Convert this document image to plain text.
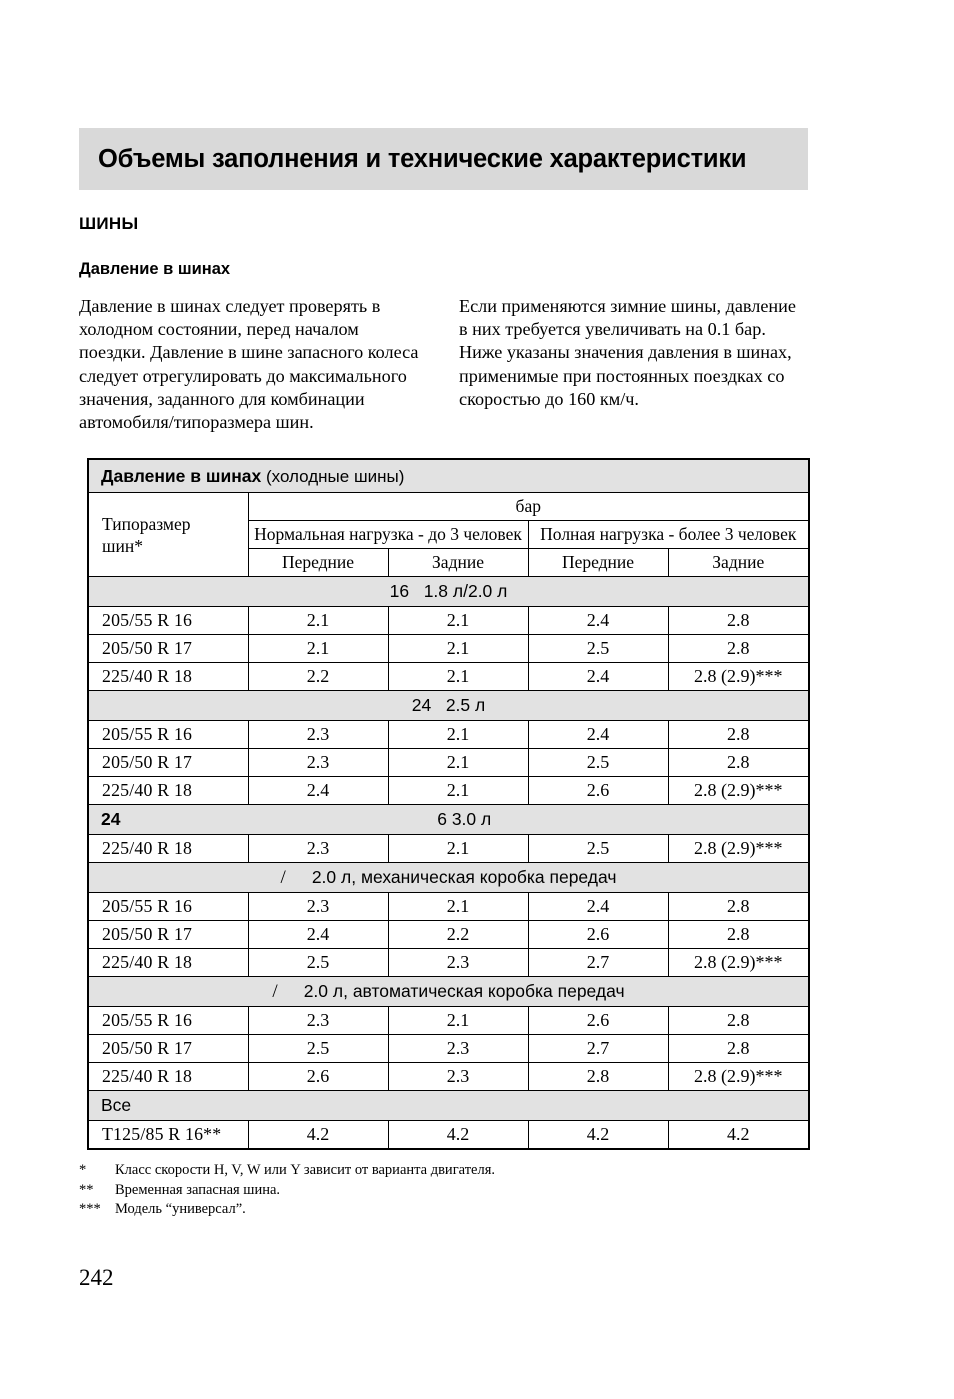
Объемы заполнения и технические характеристики
ШИНЫ
Давление в шинах
Давление в шинах следует проверять в холодном состоянии, перед началом поездки. Давление в шине запасного колеса следует отрегулировать до максимального значения, заданного для комбинации автомобиля/типоразмера шин.
Если применяются зимние шины, давление в них требуется увеличивать на 0.1 бар. Ниже указаны значения давления в шинах, применимые при постоянных поездках со скоростью до 160 км/ч.
Давление в шинах (холодные шины)				
Типоразмер
шин*	бар			
	Нормальная нагрузка - до 3 человек		Полная нагрузка - более 3 человек	
	Передние	Задние	Передние	Задние

16 1.8 л/2.0 л				

205/55 R 16	2.1	2.1	2.4	2.8
205/50 R 17	2.1	2.1	2.5	2.8
225/40 R 18	2.2	2.1	2.4	2.8 (2.9)***

24 2.5 л				

205/55 R 16	2.3	2.1	2.4	2.8
205/50 R 17	2.3	2.1	2.5	2.8
225/40 R 18	2.4	2.1	2.6	2.8 (2.9)***

24 6 3.0 л				

225/40 R 18	2.3	2.1	2.5	2.8 (2.9)***

/ 2.0 л, механическая коробка передач				

205/55 R 16	2.3	2.1	2.4	2.8
205/50 R 17	2.4	2.2	2.6	2.8
225/40 R 18	2.5	2.3	2.7	2.8 (2.9)***

/ 2.0 л, автоматическая коробка передач				

205/55 R 16	2.3	2.1	2.6	2.8
205/50 R 17	2.5	2.3	2.7	2.8
225/40 R 18	2.6	2.3	2.8	2.8 (2.9)***
Все				
T125/85 R 16**	4.2	4.2	4.2	4.2
*	Класс скорости H, V, W или Y зависит от варианта двигателя.
**	Временная запасная шина.
*** Модель “универсал”.
242
